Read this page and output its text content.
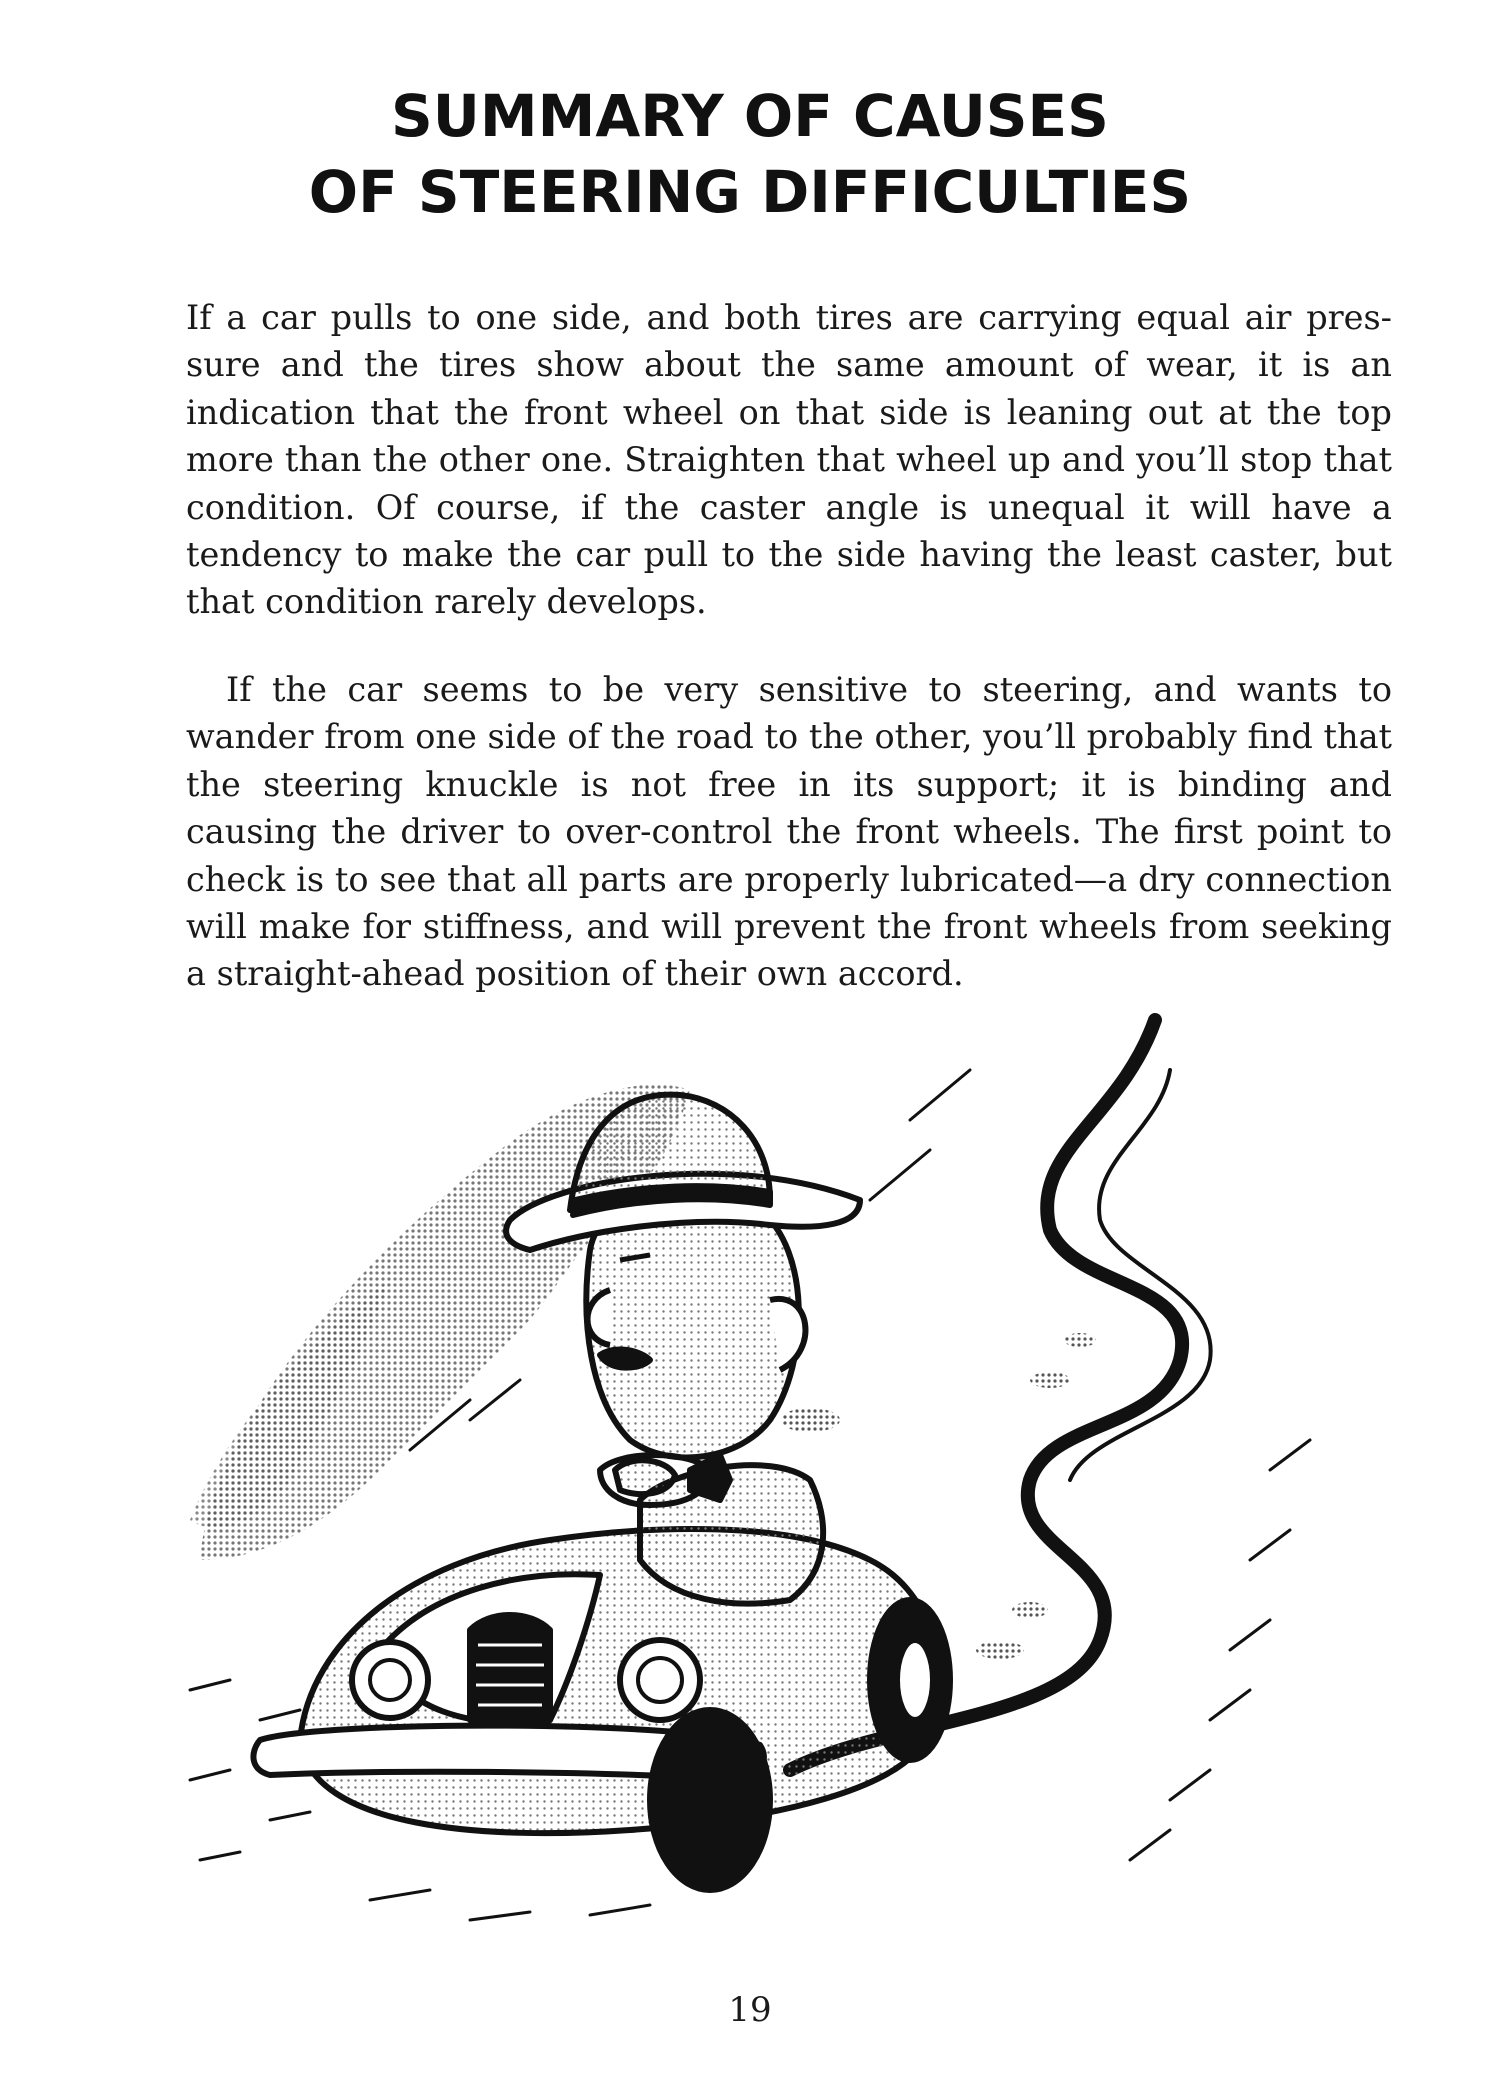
SUMMARY OF CAUSES
OF STEERING DIFFICULTIES
If a car pulls to one side, and both tires are carrying equal air pressure and the tires show about the same amount of wear, it is an indication that the front wheel on that side is leaning out at the top more than the other one. Straighten that wheel up and you’ll stop that condition. Of course, if the caster angle is unequal it will have a tendency to make the car pull to the side having the least caster, but that condition rarely develops.
If the car seems to be very sensitive to steering, and wants to wander from one side of the road to the other, you’ll probably find that the steering knuckle is not free in its support; it is binding and causing the driver to over-control the front wheels. The first point to check is to see that all parts are properly lubricated—a dry connection will make for stiffness, and will prevent the front wheels from seeking a straight-ahead position of their own accord.
19
